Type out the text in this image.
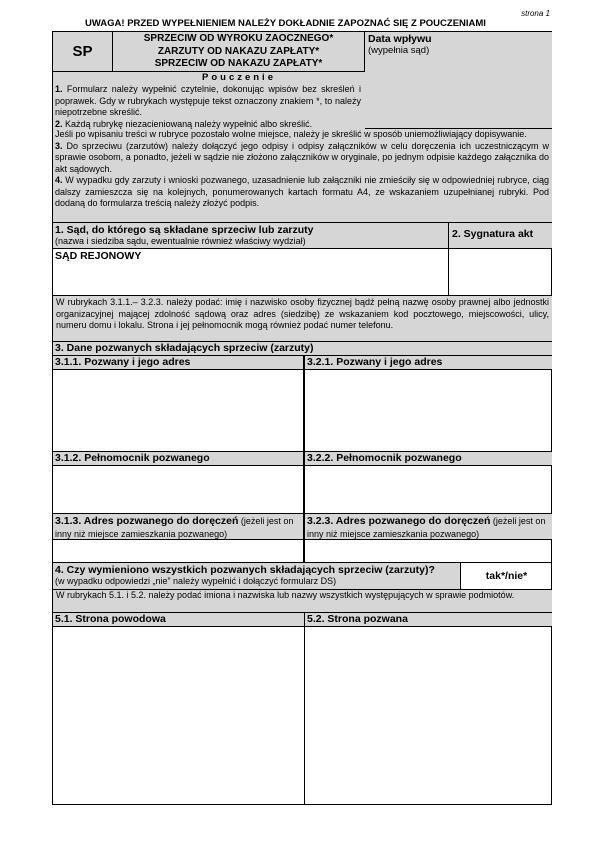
strona 1
UWAGA! PRZED WYPEŁNIENIEM NALEŻY DOKŁADNIE ZAPOZNAĆ SIĘ Z POUCZENIAMI
SP
SPRZECIW OD WYROKU ZAOCZNEGO*
ZARZUTY OD NAKAZU ZAPŁATY*
SPRZECIW OD NAKAZU ZAPŁATY*
Data wpływu
(wypełnia sąd)
Pouczenie

1. Formularz należy wypełnić czytelnie, dokonując wpisów bez skreśleń i poprawek. Gdy w rubrykach występuje tekst oznaczony znakiem *, to należy niepotrzebne skreślić.

2. Każdą rubrykę niezacieniowaną należy wypełnić albo skreślić.

Jeśli po wpisaniu treści w rubryce pozostało wolne miejsce, należy je skreślić w sposób uniemożliwiający dopisywanie.

3. Do sprzeciwu (zarzutów) należy dołączyć jego odpisy i odpisy załączników w celu doręczenia ich uczestniczącym w sprawie osobom, a ponadto, jeżeli w sądzie nie złożono załączników w oryginale, po jednym odpisie każdego załącznika do akt sądowych.

4. W wypadku gdy zarzuty i wnioski pozwanego, uzasadnienie lub załączniki nie zmieściły się w odpowiedniej rubryce, ciąg dalszy zamieszcza się na kolejnych, ponumerowanych kartach formatu A4, ze wskazaniem uzupełnianej rubryki. Pod dodaną do formularza treścią należy złożyć podpis.

1. Sąd, do którego są składane sprzeciw lub zarzuty
(nazwa i siedziba sądu, ewentualnie również właściwy wydział)
2. Sygnatura akt
SĄD REJONOWY
W rubrykach 3.1.1.– 3.2.3. należy podać: imię i nazwisko osoby fizycznej bądź pełną nazwę osoby prawnej albo jednostki organizacyjnej mającej zdolność sądową oraz adres (siedzibę) ze wskazaniem kod pocztowego, miejscowości, ulicy, numeru domu i lokalu. Strona i jej pełnomocnik mogą również podać numer telefonu.
3. Dane pozwanych składających sprzeciw (zarzuty)
3.1.1. Pozwany i jego adres	3.2.1. Pozwany i jego adres
3.1.2. Pełnomocnik pozwanego	3.2.2. Pełnomocnik pozwanego
3.1.3. Adres pozwanego do doręczeń (jeżeli jest on inny niż miejsce zamieszkania pozwanego)
3.2.3. Adres pozwanego do doręczeń (jeżeli jest on inny niż miejsce zamieszkania pozwanego)
4. Czy wymieniono wszystkich pozwanych składających sprzeciw (zarzuty)?
(w wypadku odpowiedzi „nie” należy wypełnić i dołączyć formularz DS)	tak*/nie*
W rubrykach 5.1. i 5.2. należy podać imiona i nazwiska lub nazwy wszystkich występujących w sprawie podmiotów.
5.1. Strona powodowa	5.2. Strona pozwana
